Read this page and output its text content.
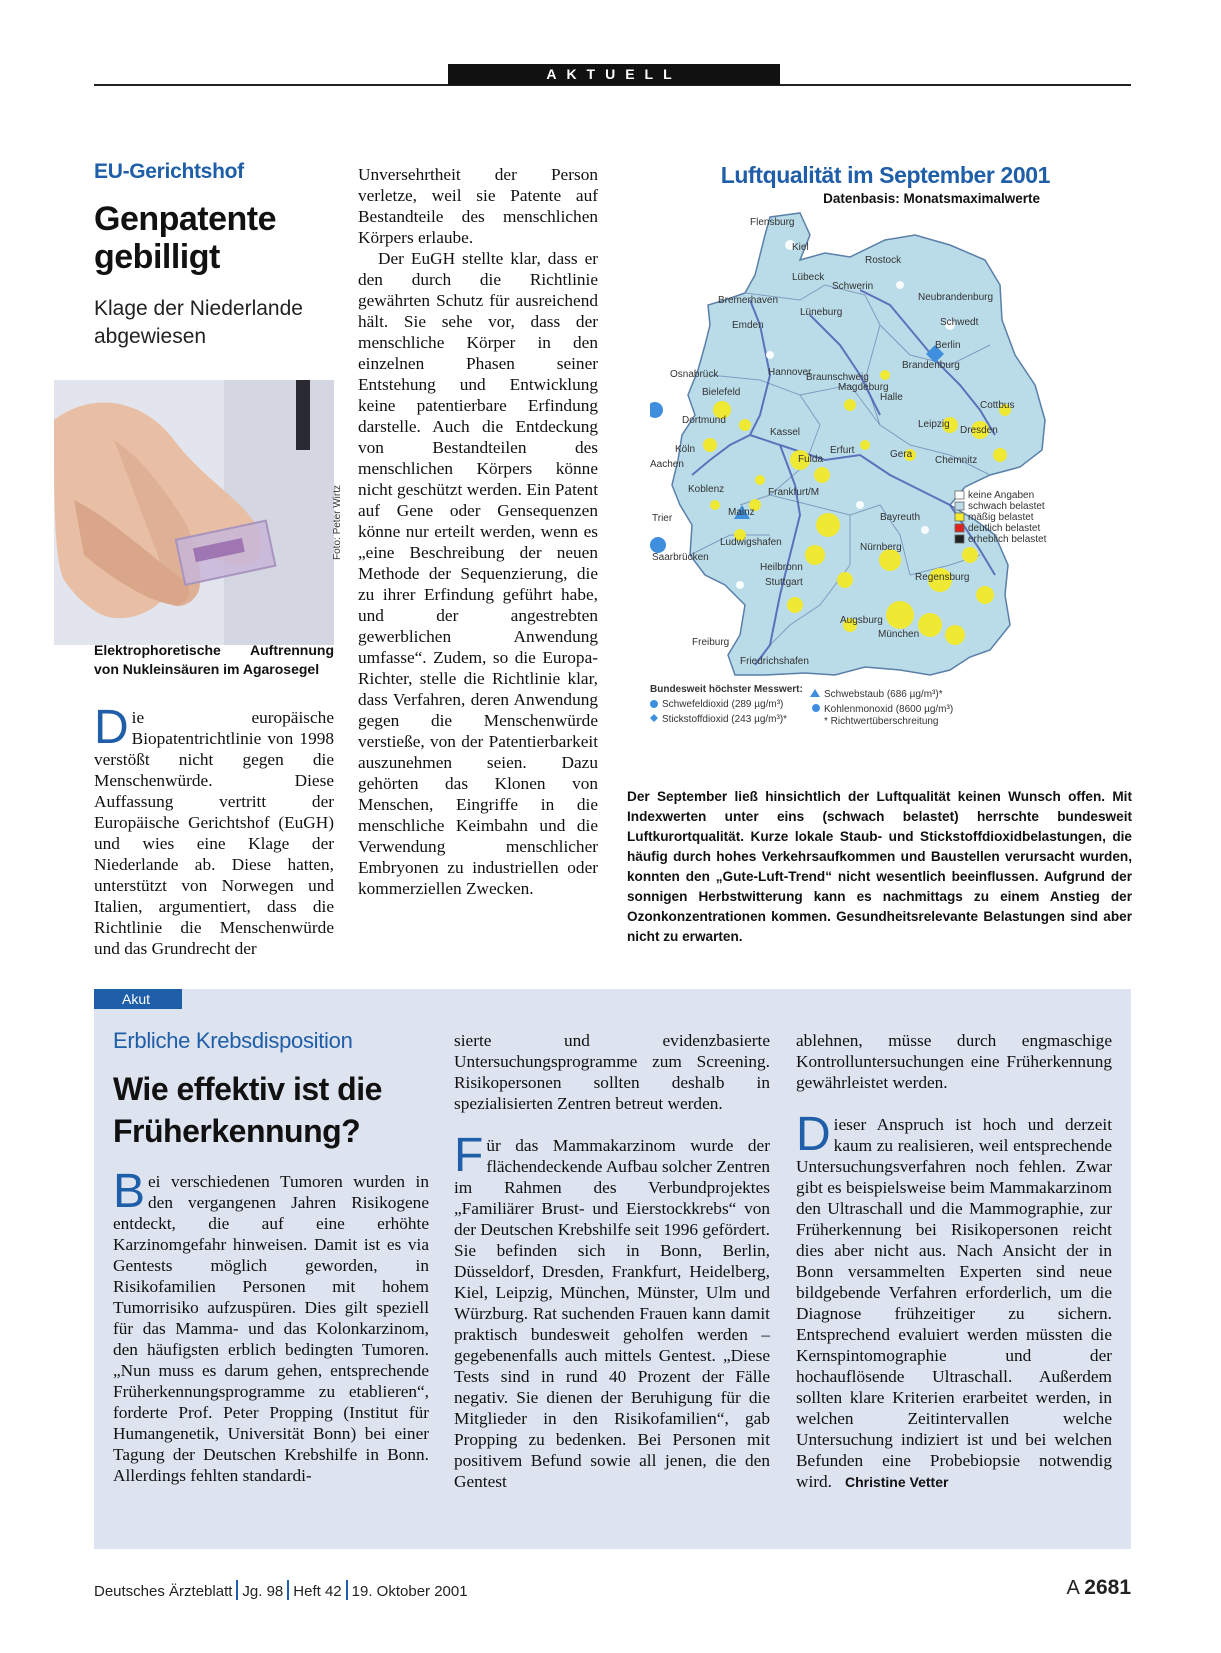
AKTUELL
EU-Gerichtshof
Genpatente
gebilligt
Klage der Niederlande
abgewiesen
Foto: Peter Wirtz
Elektrophoretische Auftrennung
von Nukleinsäuren im Agarosegel

Die europäische Biopatentrichtlinie von 1998 verstößt nicht gegen die Menschenwürde. Diese Auffassung vertritt der Europäische Gerichtshof (EuGH) und wies eine Klage der Niederlande ab. Diese hatten, unterstützt von Norwegen und Italien, argumentiert, dass die Richtlinie die Menschenwürde und das Grundrecht der

Unversehrtheit der Person verletze, weil sie Patente auf Bestandteile des menschlichen Körpers erlaube.

Der EuGH stellte klar, dass er den durch die Richtlinie gewährten Schutz für ausreichend hält. Sie sehe vor, dass der menschliche Körper in den einzelnen Phasen seiner Entstehung und Entwicklung keine patentierbare Erfindung darstelle. Auch die Entdeckung von Bestandteilen des menschlichen Körpers könne nicht geschützt werden. Ein Patent auf Gene oder Gensequenzen könne nur erteilt werden, wenn es „eine Beschreibung der neuen Methode der Sequenzierung, die zu ihrer Erfindung geführt habe, und der angestrebten gewerblichen Anwendung umfasse“. Zudem, so die Europa-Richter, stelle die Richtlinie klar, dass Verfahren, deren Anwendung gegen die Menschenwürde verstieße, von der Patentierbarkeit auszunehmen seien. Dazu gehörten das Klonen von Menschen, Eingriffe in die menschliche Keimbahn und die Verwendung menschlicher Embryonen zu industriellen oder kommerziellen Zwecken.

Luftqualität im September 2001
Datenbasis: Monatsmaximalwerte
Flensburg
Kiel
Rostock
Lübeck
Schwerin
Neubrandenburg
Bremerhaven
Schwedt
Emden
Lüneburg
Berlin
Hannover
Braunschweig
Brandenburg
Osnabrück
Magdeburg
Bielefeld
Cottbus
Halle
Leipzig
Dresden
Dortmund
Kassel
Köln	Erfurt	Gera
Chemnitz
Aachen	Fulda
Koblenz	Frankfurt/M
Trier
Mainz	Bayreuth
Ludwigshafen	Nürnberg
Saarbrücken
Heilbronn
Stuttgart	Regensburg
Augsburg
Freiburg
München
Friedrichshafen
keine Angaben
schwach belastet
mäßig belastet
deutlich belastet
erheblich belastet
Bundesweit höchster Messwert:
Schwefeldioxid (289 µg/m³)
Stickstoffdioxid (243 µg/m³)*
Schwebstaub (686 µg/m³)*
Kohlenmonoxid (8600 µg/m³)
* Richtwertüberschreitung
Der September ließ hinsichtlich der Luftqualität keinen Wunsch offen. Mit Indexwerten unter eins (schwach belastet) herrschte bundesweit Luftkurortqualität. Kurze lokale Staub- und Stickstoffdioxidbelastungen, die häufig durch hohes Verkehrsaufkommen und Baustellen verursacht wurden, konnten den „Gute-Luft-Trend“ nicht wesentlich beeinflussen. Aufgrund der sonnigen Herbstwitterung kann es nachmittags zu einem Anstieg der Ozonkonzentrationen kommen. Gesundheitsrelevante Belastungen sind aber nicht zu erwarten.
Akut
Erbliche Krebsdisposition
Wie effektiv ist die
Früherkennung?

Bei verschiedenen Tumoren wurden in den vergangenen Jahren Risikogene entdeckt, die auf eine erhöhte Karzinomgefahr hinweisen. Damit ist es via Gentests möglich geworden, in Risikofamilien Personen mit hohem Tumorrisiko aufzuspüren. Dies gilt speziell für das Mamma- und das Kolonkarzinom, den häufigsten erblich bedingten Tumoren. „Nun muss es darum gehen, entsprechende Früherkennungsprogramme zu etablieren“, forderte Prof. Peter Propping (Institut für Humangenetik, Universität Bonn) bei einer Tagung der Deutschen Krebshilfe in Bonn. Allerdings fehlten standardi-

sierte und evidenzbasierte Untersuchungsprogramme zum Screening. Risikopersonen sollten deshalb in spezialisierten Zentren betreut werden.

Für das Mammakarzinom wurde der flächendeckende Aufbau solcher Zentren im Rahmen des Verbundprojektes „Familiärer Brust- und Eierstockkrebs“ von der Deutschen Krebshilfe seit 1996 gefördert. Sie befinden sich in Bonn, Berlin, Düsseldorf, Dresden, Frankfurt, Heidelberg, Kiel, Leipzig, München, Münster, Ulm und Würzburg. Rat suchenden Frauen kann damit praktisch bundesweit geholfen werden – gegebenenfalls auch mittels Gentest. „Diese Tests sind in rund 40 Prozent der Fälle negativ. Sie dienen der Beruhigung für die Mitglieder in den Risikofamilien“, gab Propping zu bedenken. Bei Personen mit positivem Befund sowie all jenen, die den Gentest

ablehnen, müsse durch engmaschige Kontrolluntersuchungen eine Früherkennung gewährleistet werden.

Dieser Anspruch ist hoch und derzeit kaum zu realisieren, weil entsprechende Untersuchungsverfahren noch fehlen. Zwar gibt es beispielsweise beim Mammakarzinom den Ultraschall und die Mammographie, zur Früherkennung bei Risikopersonen reicht dies aber nicht aus. Nach Ansicht der in Bonn versammelten Experten sind neue bildgebende Verfahren erforderlich, um die Diagnose frühzeitiger zu sichern. Entsprechend evaluiert werden müssten die Kernspintomographie und der hochauflösende Ultraschall. Außerdem sollten klare Kriterien erarbeitet werden, in welchen Zeitintervallen welche Untersuchung indiziert ist und bei welchen Befunden eine Probebiopsie notwendig wird. Christine Vetter

Deutsches Ärzteblatt Jg. 98 Heft 42 19. Oktober 2001	A 2681
